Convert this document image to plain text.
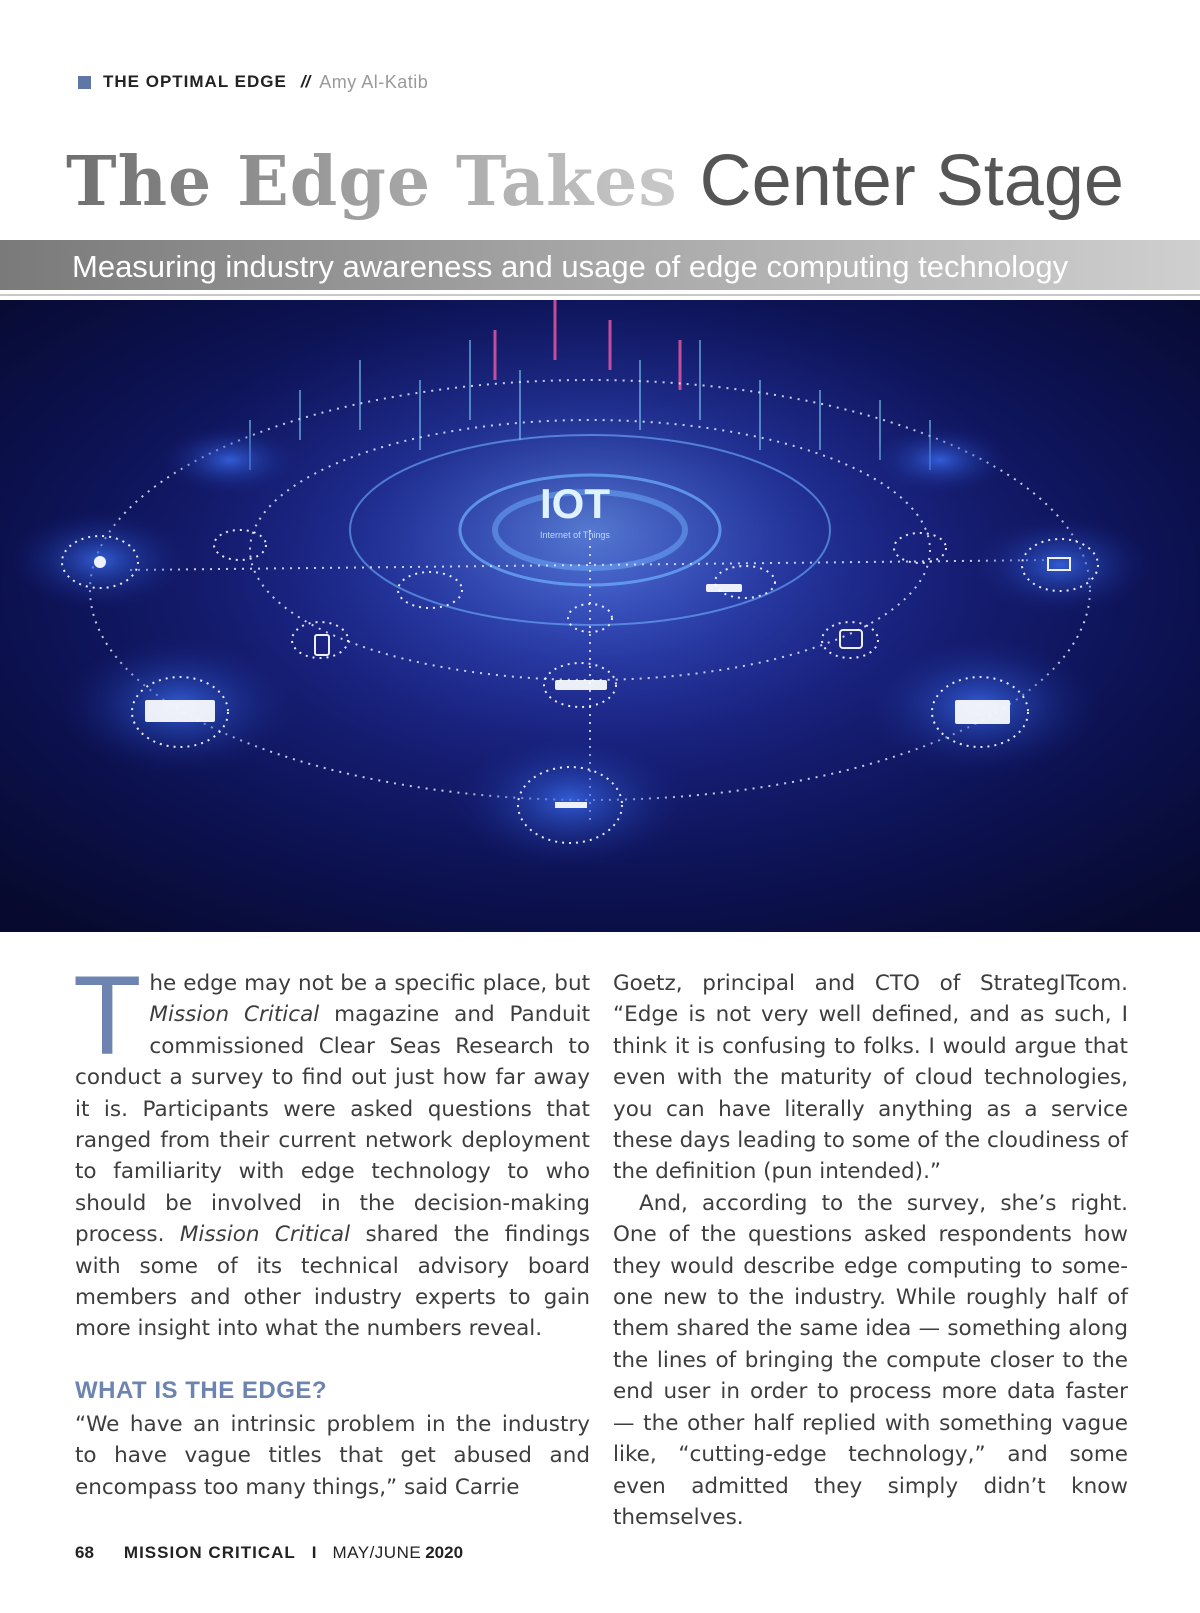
THE OPTIMAL EDGE // Amy Al-Katib
The Edge Takes Center Stage
Measuring industry awareness and usage of edge computing technology
IOT
Internet of Things

The edge may not be a specific place, but Mission Critical magazine and Panduit commissioned Clear Seas Research to conduct a survey to find out just how far away it is. Participants were asked questions that ranged from their current network deployment to familiarity with edge technology to who should be involved in the decision-making process. Mission Critical shared the findings with some of its technical advisory board members and other industry experts to gain more insight into what the numbers reveal.

WHAT IS THE EDGE?

“We have an intrinsic problem in the industry to have vague titles that get abused and encompass too many things,” said Carrie

Goetz, principal and CTO of StrategITcom. “Edge is not very well defined, and as such, I think it is confusing to folks. I would argue that even with the maturity of cloud technologies, you can have literally anything as a service these days leading to some of the cloudiness of the definition (pun intended).”

And, according to the survey, she’s right. One of the questions asked respondents how they would describe edge computing to someone new to the industry. While roughly half of them shared the same idea — something along the lines of bringing the compute closer to the end user in order to process more data faster — the other half replied with something vague like, “cutting-edge technology,” and some even admitted they simply didn’t know themselves.

68 MISSION CRITICAL I MAY/JUNE 2020
